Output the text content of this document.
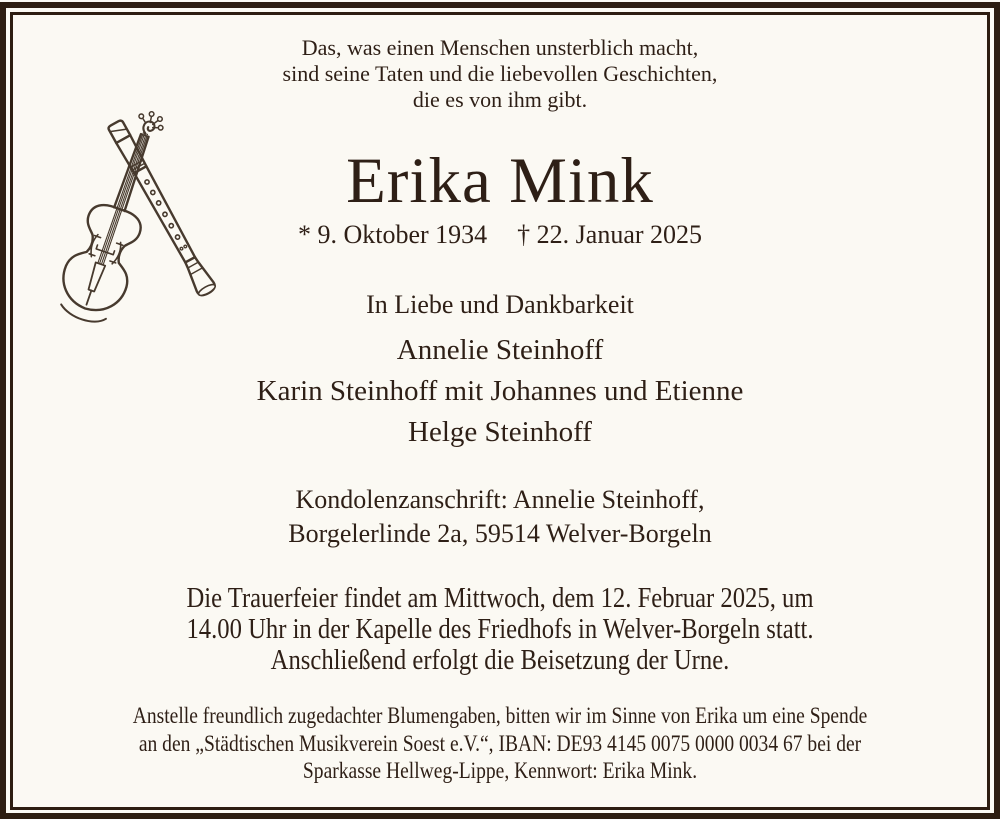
Das, was einen Menschen unsterblich macht,
sind seine Taten und die liebevollen Geschichten,
die es von ihm gibt.
Erika Mink
* 9. Oktober 1934 † 22. Januar 2025
In Liebe und Dankbarkeit
Annelie Steinhoff
Karin Steinhoff mit Johannes und Etienne
Helge Steinhoff
Kondolenzanschrift: Annelie Steinhoff,
Borgelerlinde 2a, 59514 Welver-Borgeln
Die Trauerfeier findet am Mittwoch, dem 12. Februar 2025, um
14.00 Uhr in der Kapelle des Friedhofs in Welver-Borgeln statt.
Anschließend erfolgt die Beisetzung der Urne.
Anstelle freundlich zugedachter Blumengaben, bitten wir im Sinne von Erika um eine Spende
an den „Städtischen Musikverein Soest e.V.“, IBAN: DE93 4145 0075 0000 0034 67 bei der
Sparkasse Hellweg-Lippe, Kennwort: Erika Mink.
